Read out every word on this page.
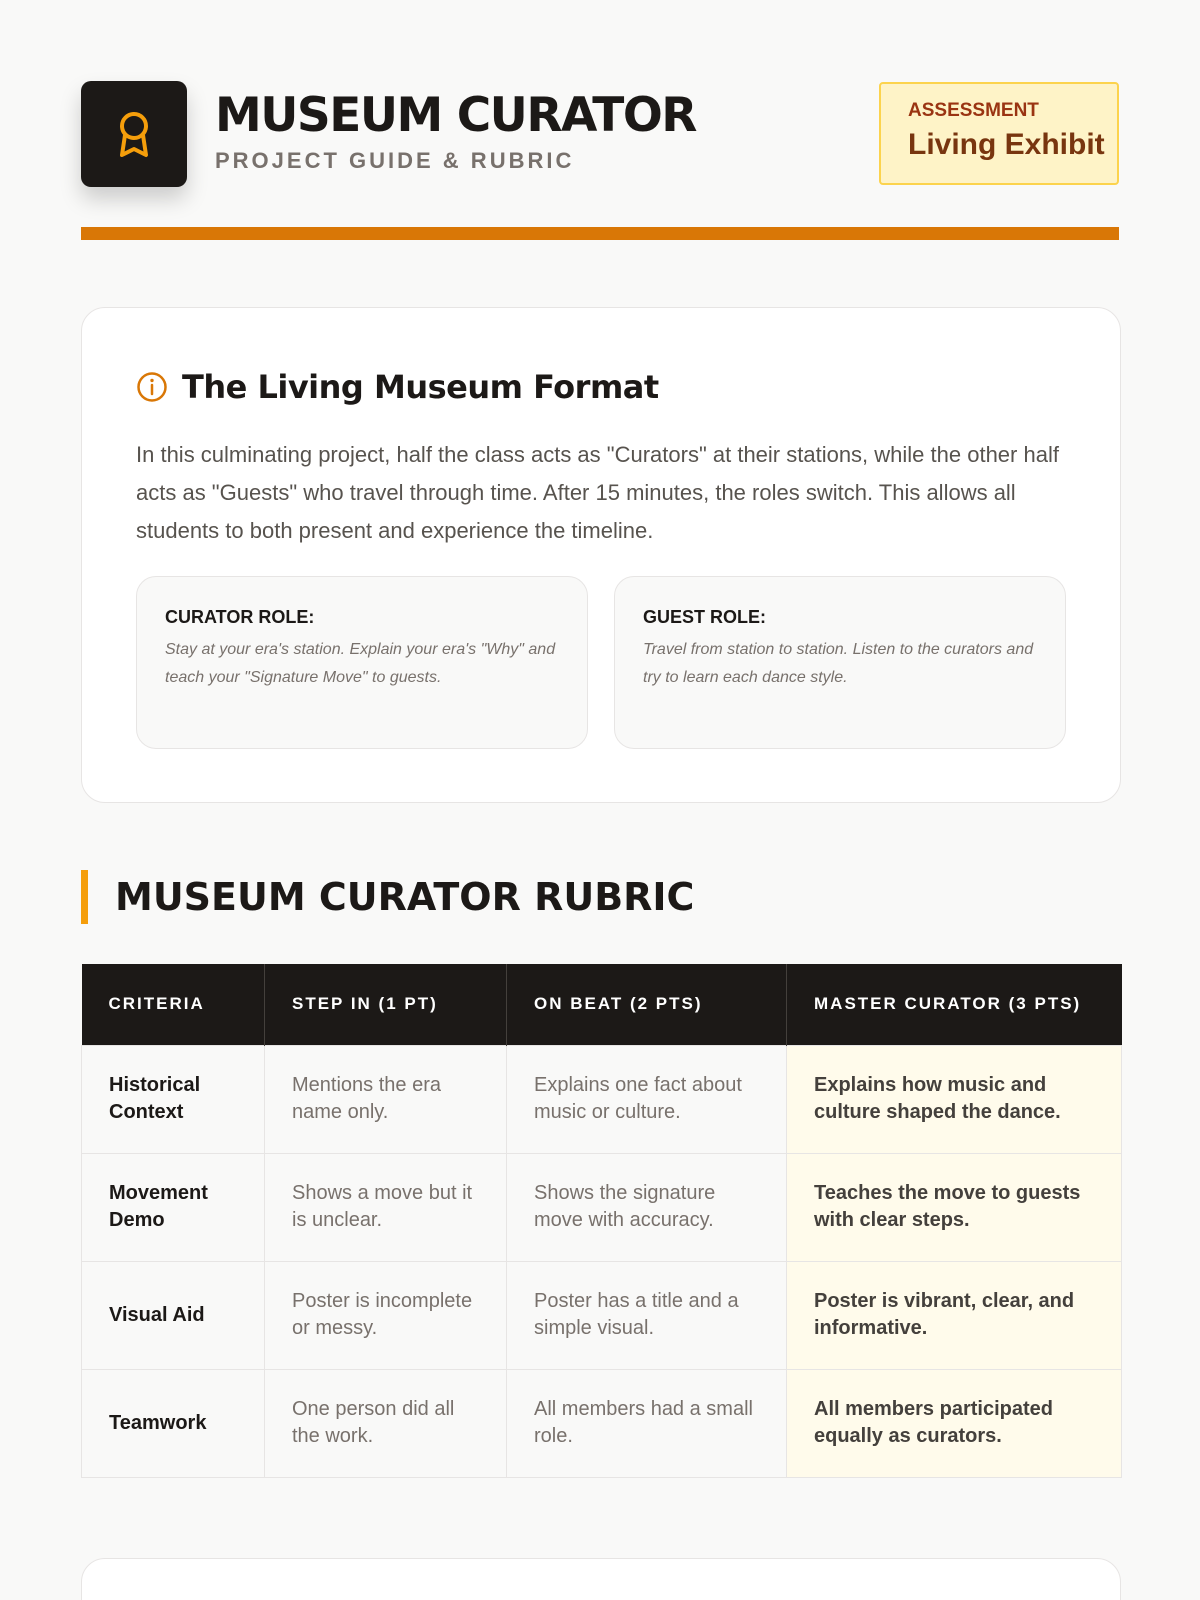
MUSEUM CURATOR
PROJECT GUIDE & RUBRIC
ASSESSMENT
Living Exhibit
The Living Museum Format

In this culminating project, half the class acts as "Curators" at their stations, while the other half acts as "Guests" who travel through time. After 15 minutes, the roles switch. This allows all students to both present and experience the timeline.

CURATOR ROLE:
Stay at your era's station. Explain your era's "Why" and teach your "Signature Move" to guests.
GUEST ROLE:
Travel from station to station. Listen to the curators and try to learn each dance style.
MUSEUM CURATOR RUBRIC
CRITERIA	STEP IN (1 PT)	ON BEAT (2 PTS)	MASTER CURATOR (3 PTS)
Historical Context	Mentions the era name only.	Explains one fact about music or culture.	Explains how music and culture shaped the dance.
Movement Demo	Shows a move but it is unclear.	Shows the signature move with accuracy.	Teaches the move to guests with clear steps.
Visual Aid	Poster is incomplete or messy.	Poster has a title and a simple visual.	Poster is vibrant, clear, and informative.
Teamwork	One person did all the work.	All members had a small role.	All members participated equally as curators.
